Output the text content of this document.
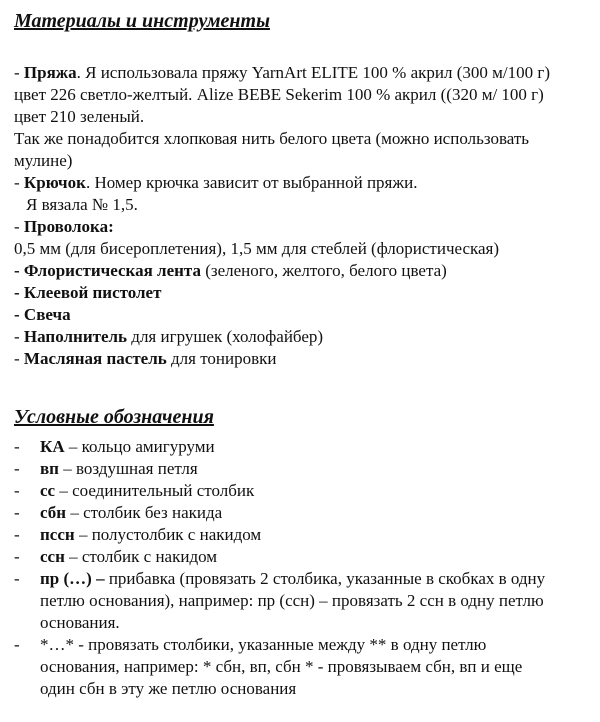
Материалы и инструменты

- Пряжа. Я использовала пряжу YarnArt ELITE 100 % акрил (300 м/100 г)

цвет 226 светло-желтый. Alize BEBE Sekerim 100 % акрил ((320 м/ 100 г)

цвет 210 зеленый.

Так же понадобится хлопковая нить белого цвета (можно использовать

мулине)

- Крючок. Номер крючка зависит от выбранной пряжи.

Я вязала № 1,5.

- Проволока:

0,5 мм (для бисероплетения), 1,5 мм для стеблей (флористическая)

- Флористическая лента (зеленого, желтого, белого цвета)

- Клеевой пистолет

- Свеча

- Наполнитель для игрушек (холофайбер)

- Масляная пастель для тонировки

Условные обозначения
- КА – кольцо амигуруми
- вп – воздушная петля
- сс – соединительный столбик
- сбн – столбик без накида
- пссн – полустолбик с накидом
- ссн – столбик с накидом
- пр (…) – прибавка (провязать 2 столбика, указанные в скобках в одну
петлю основания), например: пр (ссн) – провязать 2 ссн в одну петлю
основания.
- *…* - провязать столбики, указанные между ** в одну петлю
основания, например: * сбн, вп, сбн * - провязываем сбн, вп и еще
один сбн в эту же петлю основания
